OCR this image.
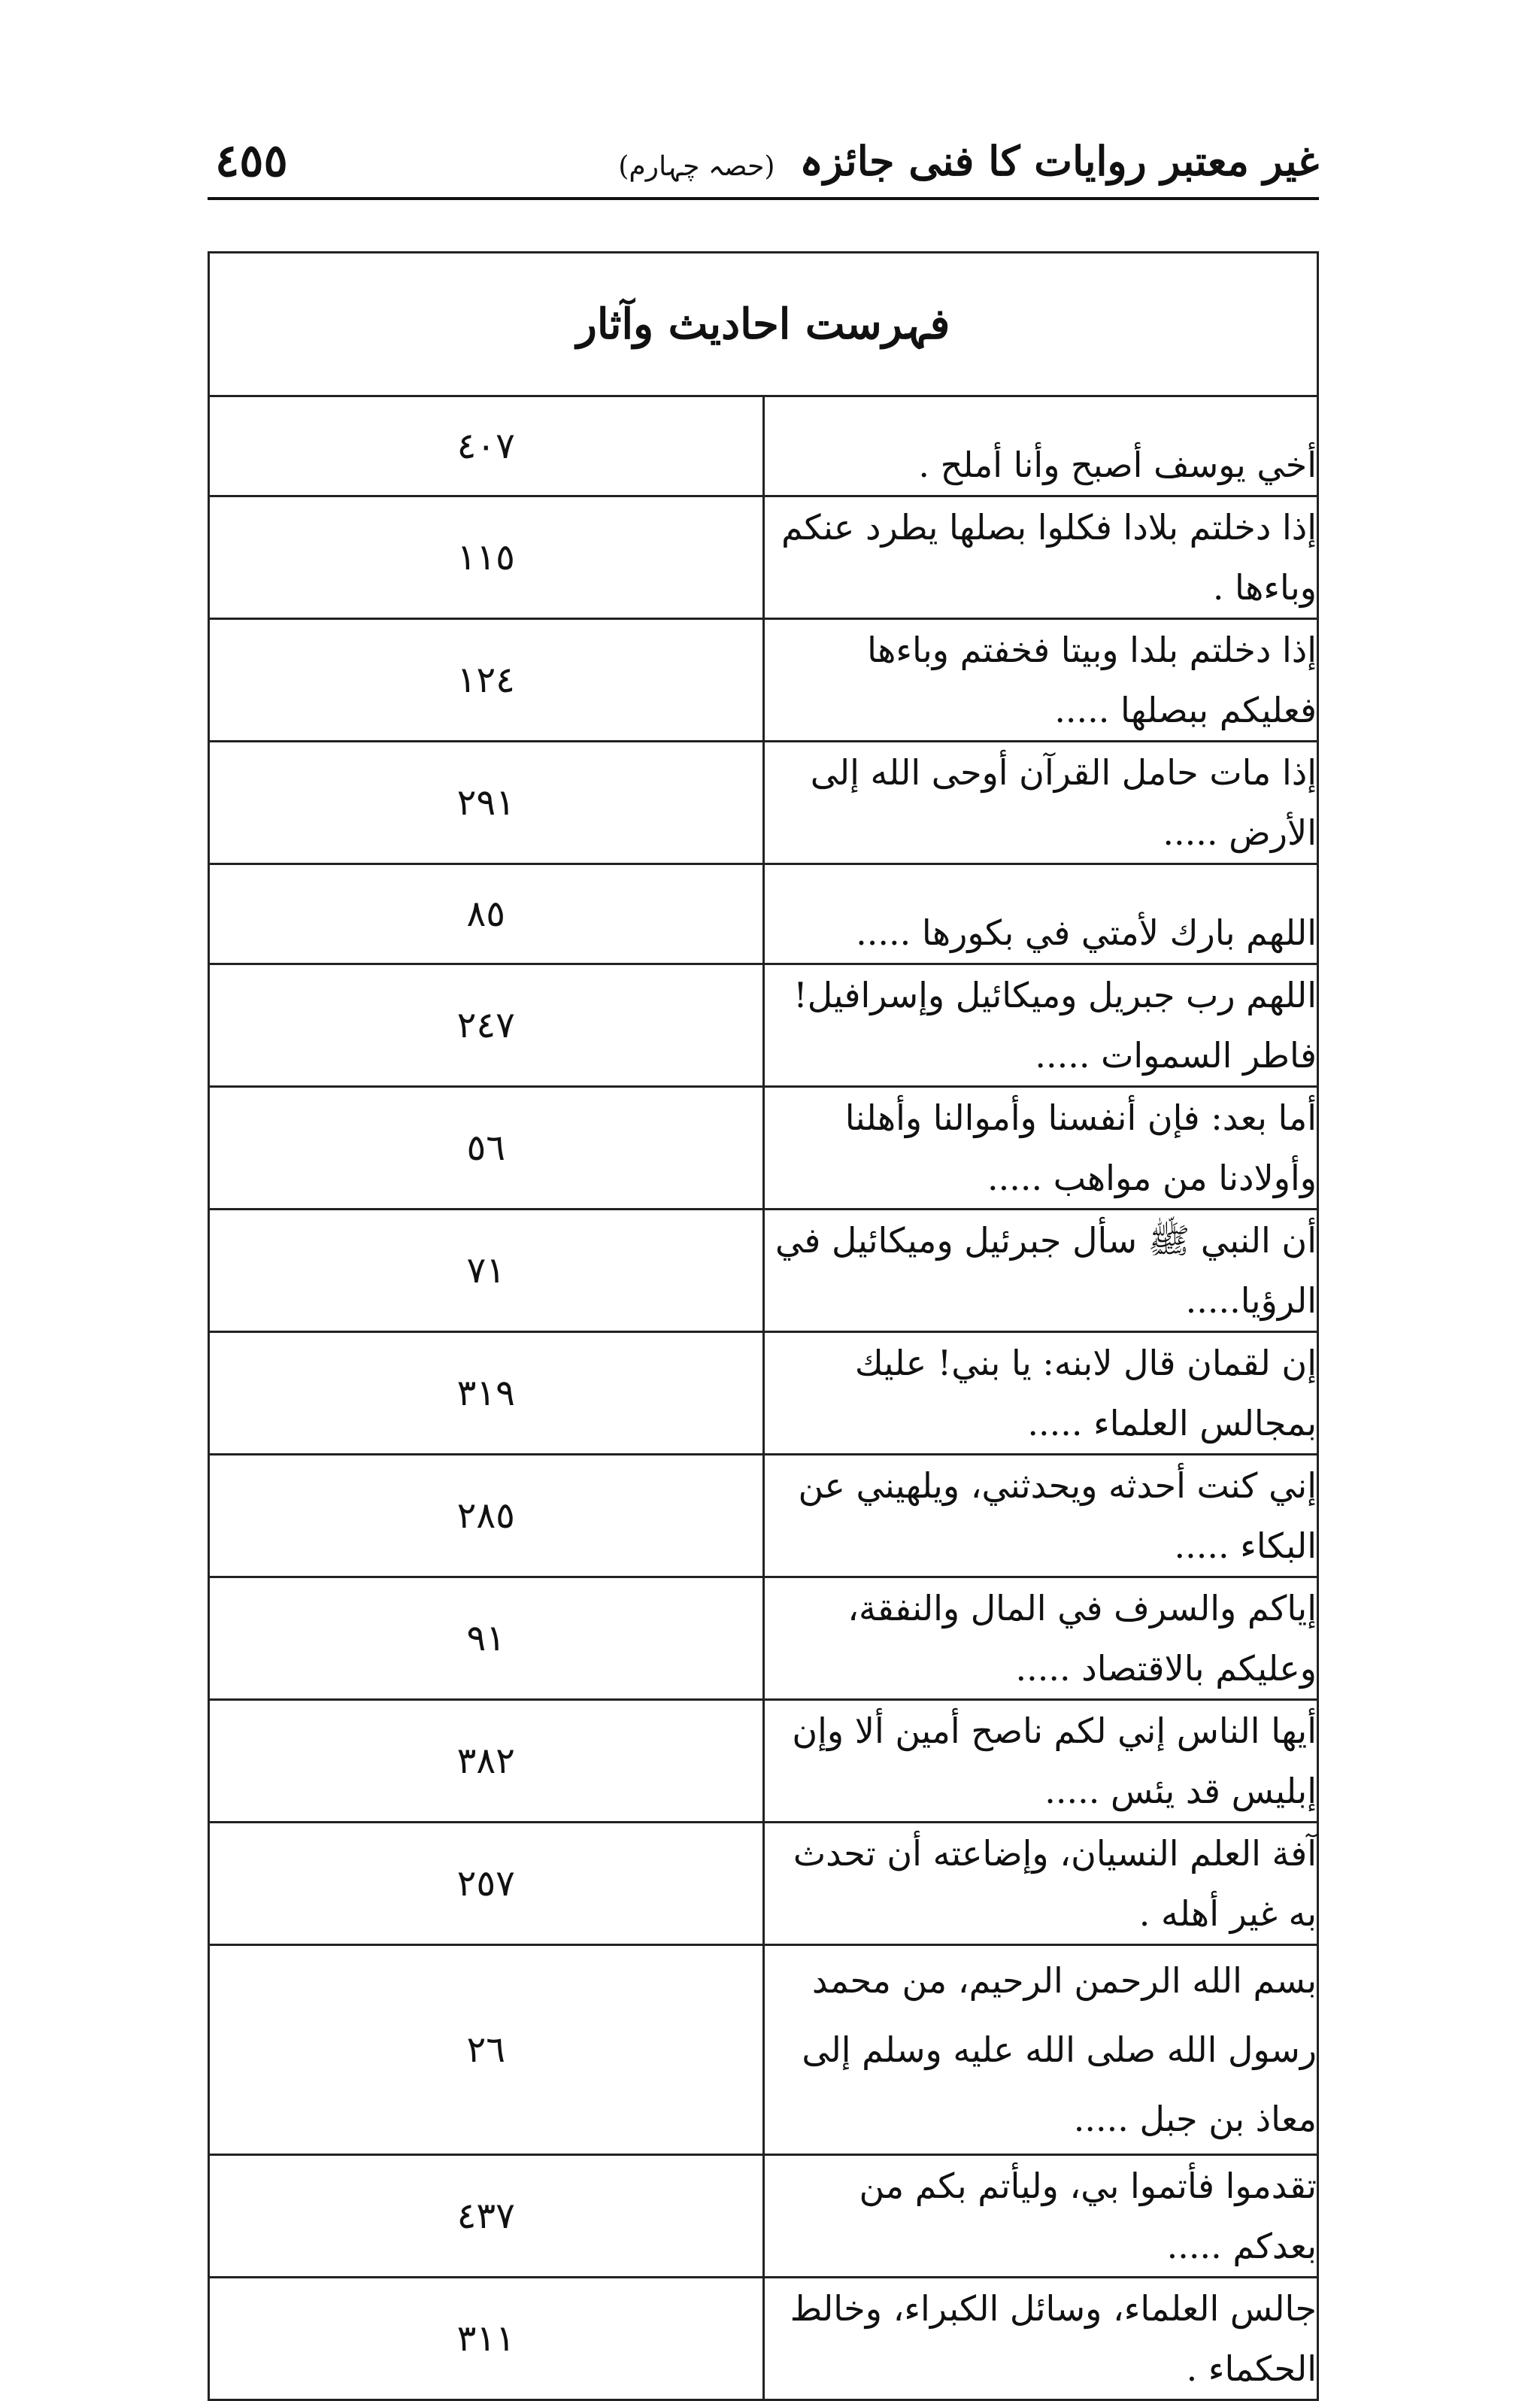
٤٥٥	غیر معتبر روایات کا فنی جائزہ (حصہ چہارم)
فہرست احادیث وآثار	
٤٠٧	أخي يوسف أصبح وأنا أملح .
١١٥	إذا دخلتم بلادا فكلوا بصلها يطرد عنكم وباءها .
١٢٤	إذا دخلتم بلدا وبيتا فخفتم وباءها فعليكم ببصلها .....
٢٩١	إذا مات حامل القرآن أوحى الله إلى الأرض .....
٨٥	اللهم بارك لأمتي في بكورها .....
٢٤٧	اللهم رب جبريل وميكائيل وإسرافيل! فاطر السموات .....
٥٦	أما بعد: فإن أنفسنا وأموالنا وأهلنا وأولادنا من مواهب .....
٧١	أن النبي ﷺ سأل جبرئيل وميكائيل في الرؤيا.....
٣١٩	إن لقمان قال لابنه: يا بني! عليك بمجالس العلماء .....
٢٨٥	إني كنت أحدثه ويحدثني، ويلهيني عن البكاء .....
٩١	إياكم والسرف في المال والنفقة، وعليكم بالاقتصاد .....
٣٨٢	أيها الناس إني لكم ناصح أمين ألا وإن إبليس قد يئس .....
٢٥٧	آفة العلم النسيان، وإضاعته أن تحدث به غير أهله .
٢٦	بسم الله الرحمن الرحيم، من محمد رسول الله صلى الله عليه وسلم إلى معاذ بن جبل .....
٤٣٧	تقدموا فأتموا بي، وليأتم بكم من بعدكم .....
٣١١	جالس العلماء، وسائل الكبراء، وخالط الحكماء .
